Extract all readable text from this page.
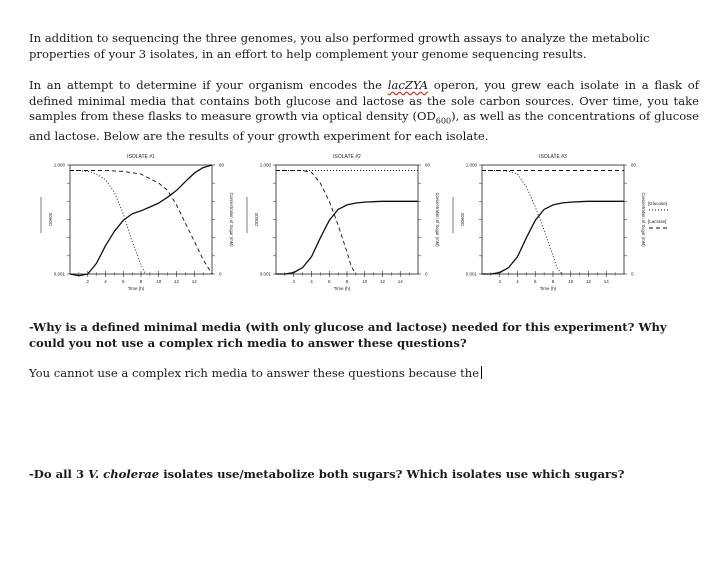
In addition to sequencing the three genomes, you also performed growth assays to analyze the metabolic properties of your 3 isolates, in an effort to help complement your genome sequencing results.

In an attempt to determine if your organism encodes the lacZYA operon, you grew each isolate in a flask of defined minimal media that contains both glucose and lactose as the sole carbon sources. Over time, you take samples from these flasks to measure growth via optical density $(OD_{600})$, as well as the concentrations of glucose and lactose. Below are the results of your growth experiment for each isolate.

ISOLATE #1
1.000
0.001
OD600
60
0
Concentration of Sugar (mM)
2	4	6	8	10	12	14
Time (h)
ISOLATE #2
1.000
0.001
OD600
60
0
Concentration of Sugar (mM)
2	4	6	8	10	12	14
Time (h)
ISOLATE #3
1.000
0.001
OD600
60
0
Concentration of Sugar (mM)
2	4	6	8	10	12	14
Time (h)
[Glucose]
[Lactose]

-Why is a defined minimal media (with only glucose and lactose) needed for this experiment? Why could you not use a complex rich media to answer these questions?

You cannot use a complex rich media to answer these questions because the

-Do all 3 V. cholerae isolates use/metabolize both sugars? Which isolates use which sugars?
